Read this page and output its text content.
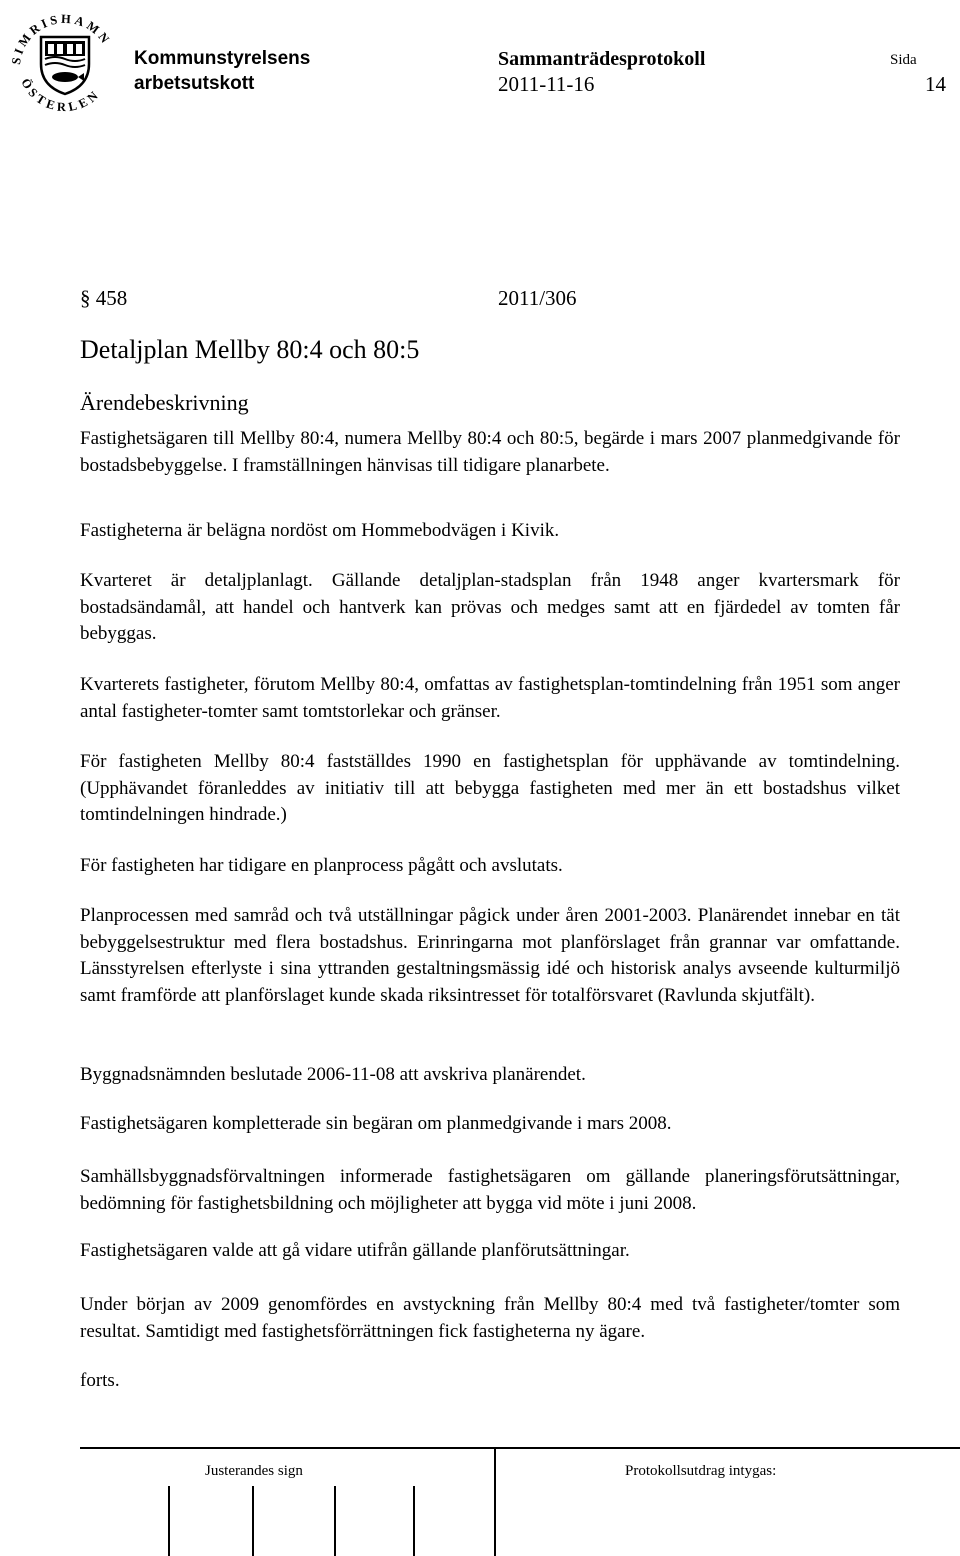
SIMRISHAMN
ÖSTERLEN
Kommunstyrelsens
arbetsutskott
Sammanträdesprotokoll
2011-11-16
Sida
14
§ 458	2011/306
Detaljplan Mellby 80:4 och 80:5
Ärendebeskrivning

Fastighetsägaren till Mellby 80:4, numera Mellby 80:4 och 80:5, begärde i mars 2007 planmedgivande för bostadsbebyggelse. I framställningen hänvisas till tidigare planarbete.

Fastigheterna är belägna nordöst om Hommebodvägen i Kivik.

Kvarteret är detaljplanlagt. Gällande detaljplan-stadsplan från 1948 anger kvartersmark för bostadsändamål, att handel och hantverk kan prövas och medges samt att en fjärdedel av tomten får bebyggas.

Kvarterets fastigheter, förutom Mellby 80:4, omfattas av fastighetsplan-tomtindelning från 1951 som anger antal fastigheter-tomter samt tomtstorlekar och gränser.

För fastigheten Mellby 80:4 fastställdes 1990 en fastighetsplan för upphävande av tomtindelning. (Upphävandet föranleddes av initiativ till att bebygga fastigheten med mer än ett bostadshus vilket tomtindelningen hindrade.)

För fastigheten har tidigare en planprocess pågått och avslutats.

Planprocessen med samråd och två utställningar pågick under åren 2001-2003. Planärendet innebar en tät bebyggelsestruktur med flera bostadshus. Erinringarna mot planförslaget från grannar var omfattande. Länsstyrelsen efterlyste i sina yttranden gestaltningsmässig idé och historisk analys avseende kulturmiljö samt framförde att planförslaget kunde skada riksintresset för totalförsvaret (Ravlunda skjutfält).

Byggnadsnämnden beslutade 2006-11-08 att avskriva planärendet.

Fastighetsägaren kompletterade sin begäran om planmedgivande i mars 2008.

Samhällsbyggnadsförvaltningen informerade fastighetsägaren om gällande planeringsförutsättningar, bedömning för fastighetsbildning och möjligheter att bygga vid möte i juni 2008.

Fastighetsägaren valde att gå vidare utifrån gällande planförutsättningar.

Under början av 2009 genomfördes en avstyckning från Mellby 80:4 med två fastigheter/tomter som resultat. Samtidigt med fastighetsförrättningen fick fastigheterna ny ägare.

forts.

Justerandes sign	Protokollsutdrag intygas:
